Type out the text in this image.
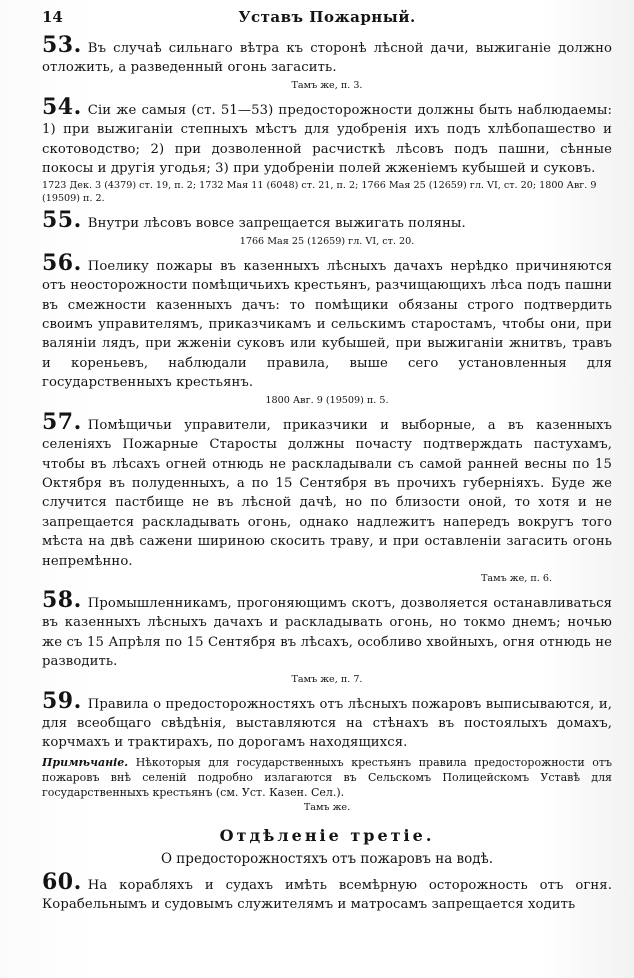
14	Уставъ Пожарный.
53. Въ случаѣ сильнаго вѣтра къ сторонѣ лѣсной дачи, выжиганіе должно отложить, а разведенный огонь загасить.
Тамъ же, п. 3.
54. Сіи же самыя (ст. 51—53) предосторожности должны быть наблюдаемы: 1) при выжиганіи степныхъ мѣстъ для удобренія ихъ подъ хлѣбопашество и скотоводство; 2) при дозволенной расчисткѣ лѣсовъ подъ пашни, сѣнные покосы и другія угодья; 3) при удобреніи полей жженіемъ кубышей и суковъ.
1723 Дек. 3 (4379) ст. 19, п. 2; 1732 Мая 11 (6048) ст. 21, п. 2; 1766 Мая 25 (12659) гл. VI, ст. 20; 1800 Авг. 9 (19509) п. 2.
55. Внутри лѣсовъ вовсе запрещается выжигать поляны.
1766 Мая 25 (12659) гл. VI, ст. 20.
56. Поелику пожары въ казенныхъ лѣсныхъ дачахъ нерѣдко причиняются отъ неосторожности помѣщичьихъ крестьянъ, разчищающихъ лѣса подъ пашни въ смежности казенныхъ дачъ: то помѣщики обязаны строго подтвердить своимъ управителямъ, приказчикамъ и сельскимъ старостамъ, чтобы они, при валяніи лядъ, при жженіи суковъ или кубышей, при выжиганіи жнитвъ, травъ и кореньевъ, наблюдали правила, выше сего установленныя для государственныхъ крестьянъ.
1800 Авг. 9 (19509) п. 5.
57. Помѣщичьи управители, приказчики и выборные, а въ казенныхъ селеніяхъ Пожарные Старосты должны почасту подтверждать пастухамъ, чтобы въ лѣсахъ огней отнюдь не раскладывали съ самой ранней весны по 15 Октября въ полуденныхъ, а по 15 Сентября въ прочихъ губерніяхъ. Буде же случится пастбище не въ лѣсной дачѣ, но по близости оной, то хотя и не запрещается раскладывать огонь, однако надлежитъ напередъ вокругъ того мѣста на двѣ сажени шириною скосить траву, и при оставленіи загасить огонь непремѣнно.
Тамъ же, п. 6.
58. Промышленникамъ, прогоняющимъ скотъ, дозволяется останавливаться въ казенныхъ лѣсныхъ дачахъ и раскладывать огонь, но токмо днемъ; ночью же съ 15 Апрѣля по 15 Сентября въ лѣсахъ, особливо хвойныхъ, огня отнюдь не разводить.
Тамъ же, п. 7.
59. Правила о предосторожностяхъ отъ лѣсныхъ пожаровъ выписываются, и, для всеобщаго свѣдѣнія, выставляются на стѣнахъ въ постоялыхъ домахъ, корчмахъ и трактирахъ, по дорогамъ находящихся.
Примѣчаніе. Нѣкоторыя для государственныхъ крестьянъ правила предосторожности отъ пожаровъ внѣ селеній подробно излагаются въ Сельскомъ Полицейскомъ Уставѣ для государственныхъ крестьянъ (см. Уст. Казен. Сел.).
Тамъ же.
Отдѣленіе третіе.
О предосторожностяхъ отъ пожаровъ на водѣ.
60. На корабляхъ и судахъ имѣть всемѣрную осторожность отъ огня. Корабельнымъ и судовымъ служителямъ и матросамъ запрещается ходить
